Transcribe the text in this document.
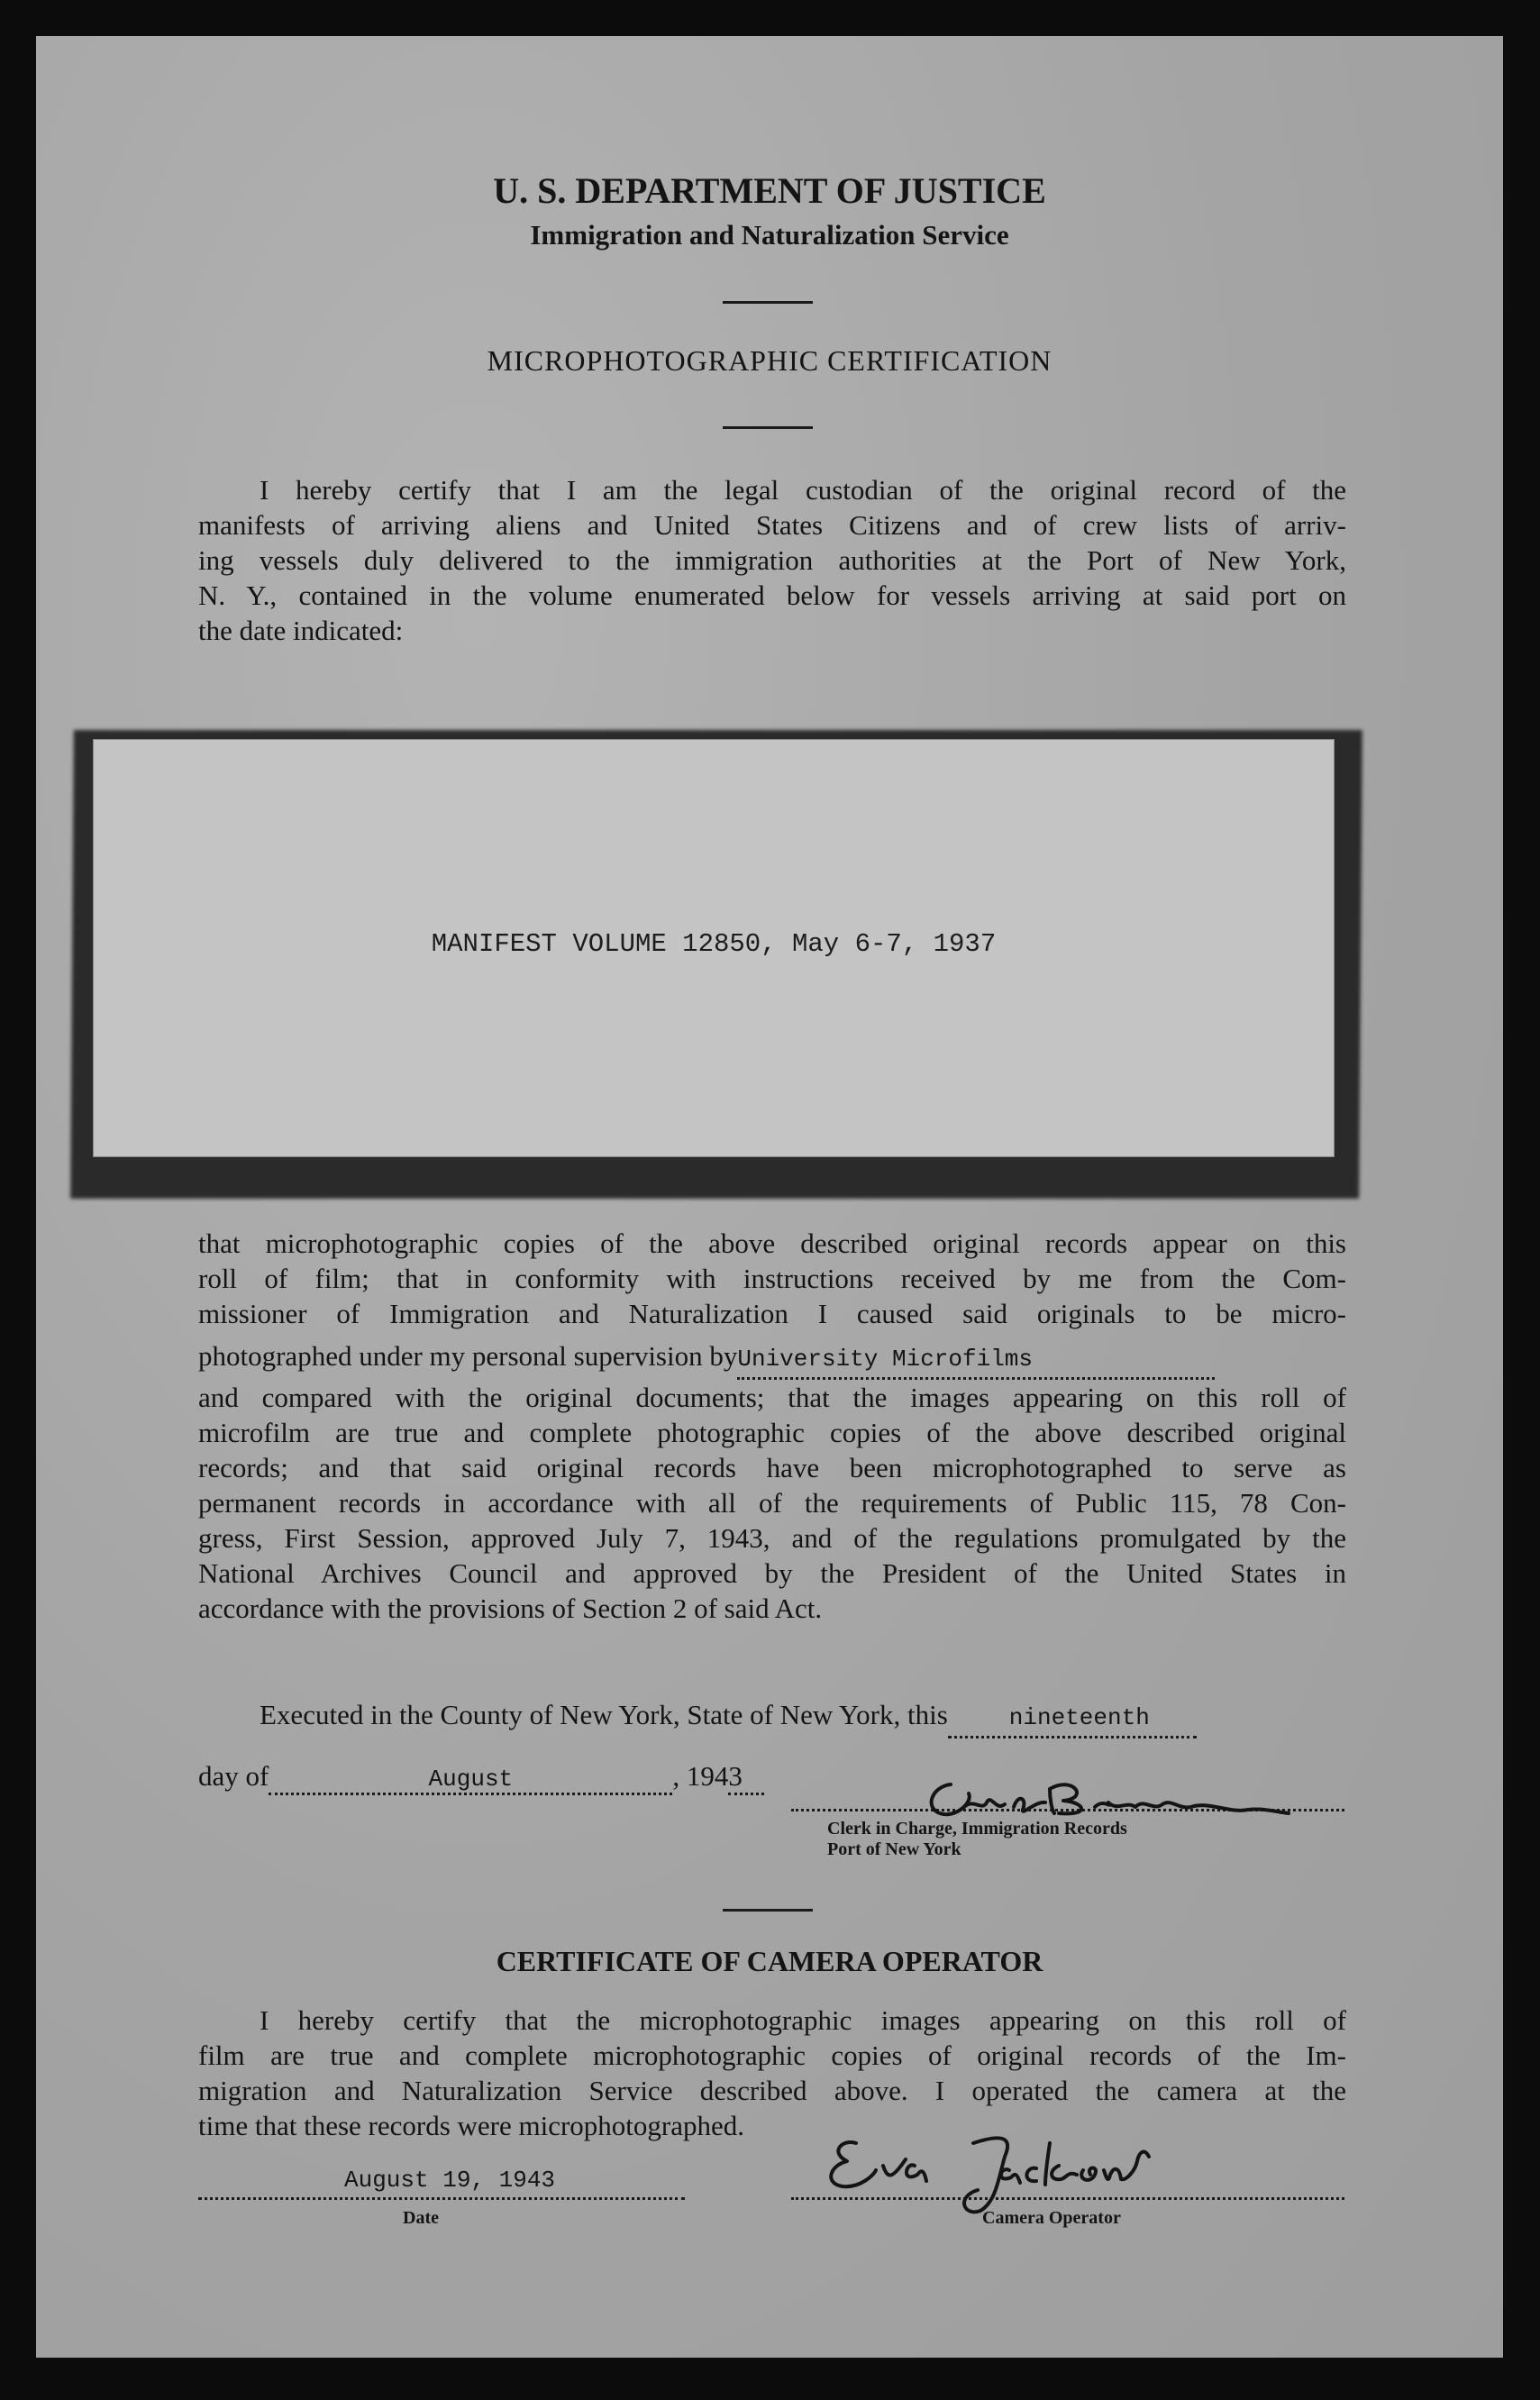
U. S. DEPARTMENT OF JUSTICE
Immigration and Naturalization Service
MICROPHOTOGRAPHIC CERTIFICATION
I hereby certify that I am the legal custodian of the original record of the
manifests of arriving aliens and United States Citizens and of crew lists of arriv-
ing vessels duly delivered to the immigration authorities at the Port of New York,
N. Y., contained in the volume enumerated below for vessels arriving at said port on
the date indicated:
MANIFEST VOLUME 12850, May 6-7, 1937
that microphotographic copies of the above described original records appear on this
roll of film; that in conformity with instructions received by me from the Com-
missioner of Immigration and Naturalization I caused said originals to be micro-
photographed under my personal supervision byUniversity Microfilms
and compared with the original documents; that the images appearing on this roll of
microfilm are true and complete photographic copies of the above described original
records; and that said original records have been microphotographed to serve as
permanent records in accordance with all of the requirements of Public 115, 78 Con-
gress, First Session, approved July 7, 1943, and of the regulations promulgated by the
National Archives Council and approved by the President of the United States in
accordance with the provisions of Section 2 of said Act.
Executed in the County of New York, State of New York, this	nineteenth
day of	August	, 1943
Clerk in Charge, Immigration Records
Port of New York
CERTIFICATE OF CAMERA OPERATOR
I hereby certify that the microphotographic images appearing on this roll of
film are true and complete microphotographic copies of original records of the Im-
migration and Naturalization Service described above. I operated the camera at the
time that these records were microphotographed.
August 19, 1943
Date	Camera Operator
